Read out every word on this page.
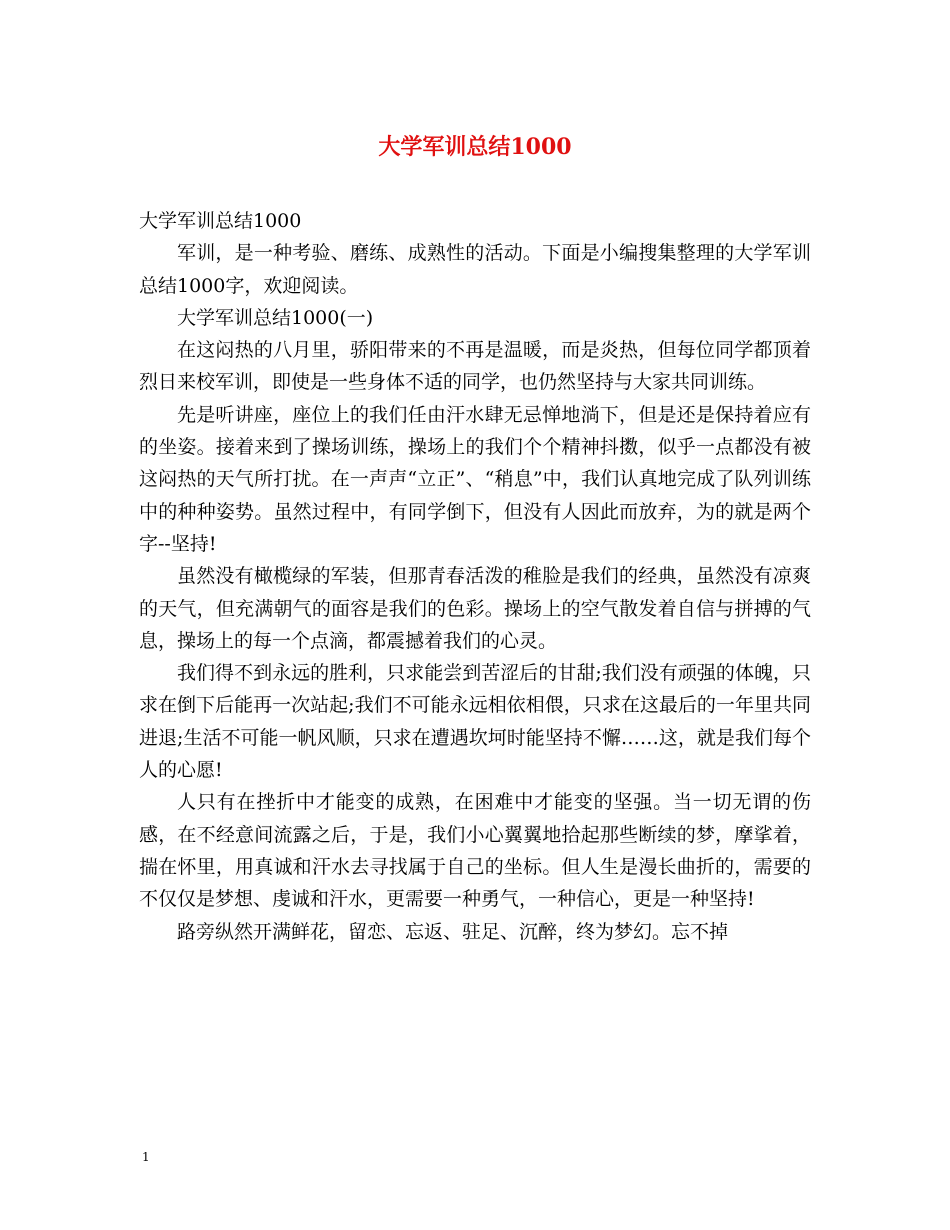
大学军训总结1000

大学军训总结1000

军训，是一种考验、磨练、成熟性的活动。下面是小编搜集整理的大学军训总结1000字，欢迎阅读。

大学军训总结1000(一)

在这闷热的八月里，骄阳带来的不再是温暖，而是炎热，但每位同学都顶着烈日来校军训，即使是一些身体不适的同学，也仍然坚持与大家共同训练。

先是听讲座，座位上的我们任由汗水肆无忌惮地淌下，但是还是保持着应有的坐姿。接着来到了操场训练，操场上的我们个个精神抖擞，似乎一点都没有被这闷热的天气所打扰。在一声声“立正”、“稍息”中，我们认真地完成了队列训练中的种种姿势。虽然过程中，有同学倒下，但没有人因此而放弃，为的就是两个字--坚持!

虽然没有橄榄绿的军装，但那青春活泼的稚脸是我们的经典，虽然没有凉爽的天气，但充满朝气的面容是我们的色彩。操场上的空气散发着自信与拼搏的气息，操场上的每一个点滴，都震撼着我们的心灵。

我们得不到永远的胜利，只求能尝到苦涩后的甘甜;我们没有顽强的体魄，只求在倒下后能再一次站起;我们不可能永远相依相偎，只求在这最后的一年里共同进退;生活不可能一帆风顺，只求在遭遇坎坷时能坚持不懈……这，就是我们每个人的心愿!

人只有在挫折中才能变的成熟，在困难中才能变的坚强。当一切无谓的伤感，在不经意间流露之后，于是，我们小心翼翼地拾起那些断续的梦，摩挲着，揣在怀里，用真诚和汗水去寻找属于自己的坐标。但人生是漫长曲折的，需要的不仅仅是梦想、虔诚和汗水，更需要一种勇气，一种信心，更是一种坚持!

路旁纵然开满鲜花，留恋、忘返、驻足、沉醉，终为梦幻。忘不掉

1
